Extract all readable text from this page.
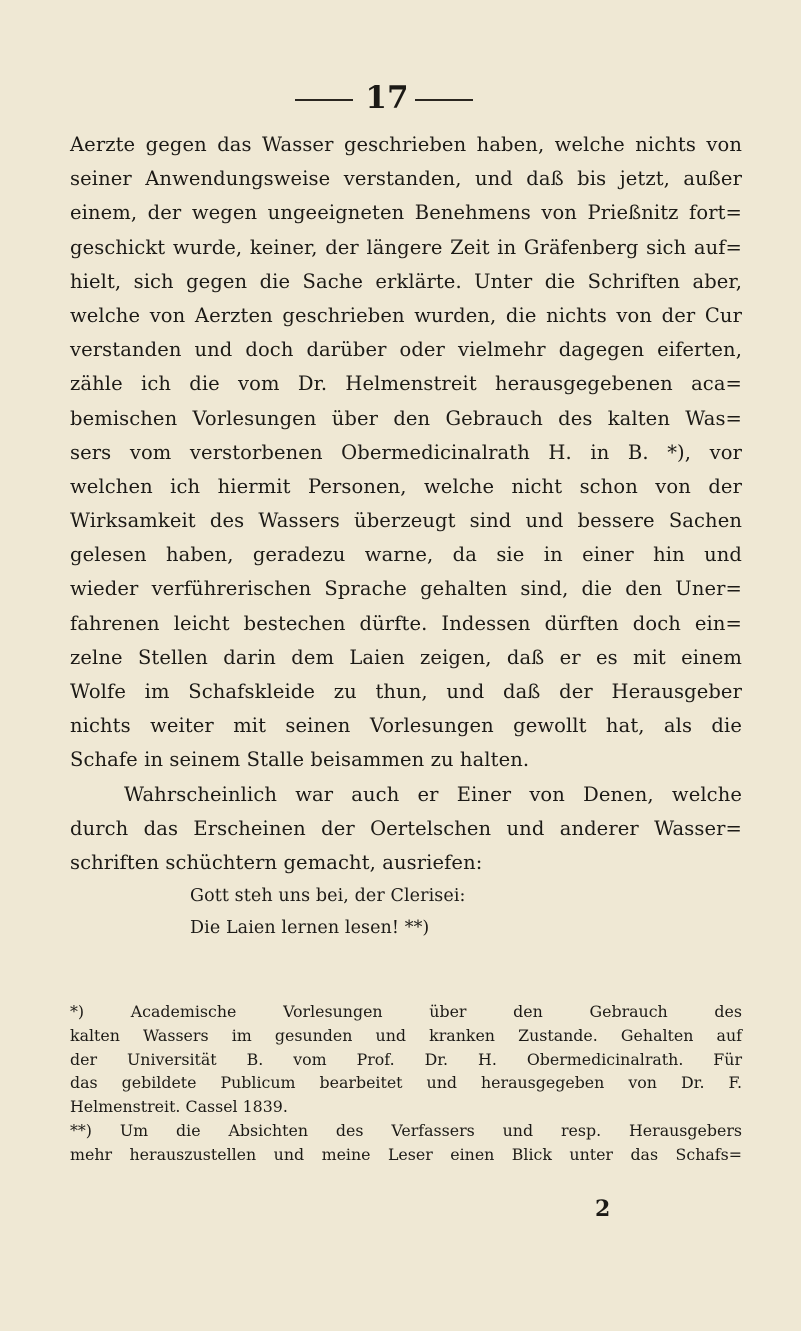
17
Aerzte gegen das Wasser geschrieben haben, welche nichts von
seiner Anwendungsweise verstanden, und daß bis jetzt, außer
einem, der wegen ungeeigneten Benehmens von Prießnitz fort=
geschickt wurde, keiner, der längere Zeit in Gräfenberg sich auf=
hielt, sich gegen die Sache erklärte. Unter die Schriften aber,
welche von Aerzten geschrieben wurden, die nichts von der Cur
verstanden und doch darüber oder vielmehr dagegen eiferten,
zähle ich die vom Dr. Helmenstreit herausgegebenen aca=
bemischen Vorlesungen über den Gebrauch des kalten Was=
sers vom verstorbenen Obermedicinalrath H. in B. *), vor
welchen ich hiermit Personen, welche nicht schon von der
Wirksamkeit des Wassers überzeugt sind und bessere Sachen
gelesen haben, geradezu warne, da sie in einer hin und
wieder verführerischen Sprache gehalten sind, die den Uner=
fahrenen leicht bestechen dürfte. Indessen dürften doch ein=
zelne Stellen darin dem Laien zeigen, daß er es mit einem
Wolfe im Schafskleide zu thun, und daß der Herausgeber
nichts weiter mit seinen Vorlesungen gewollt hat, als die
Schafe in seinem Stalle beisammen zu halten.
Wahrscheinlich war auch er Einer von Denen, welche
durch das Erscheinen der Oertelschen und anderer Wasser=
schriften schüchtern gemacht, ausriefen:
Gott steh uns bei, der Clerisei:
Die Laien lernen lesen! **)
*) Academische Vorlesungen über den Gebrauch des
kalten Wassers im gesunden und kranken Zustande. Gehalten auf
der Universität B. vom Prof. Dr. H. Obermedicinalrath. Für
das gebildete Publicum bearbeitet und herausgegeben von Dr. F.
Helmenstreit. Cassel 1839.
**) Um die Absichten des Verfassers und resp. Herausgebers
mehr herauszustellen und meine Leser einen Blick unter das Schafs=
2
